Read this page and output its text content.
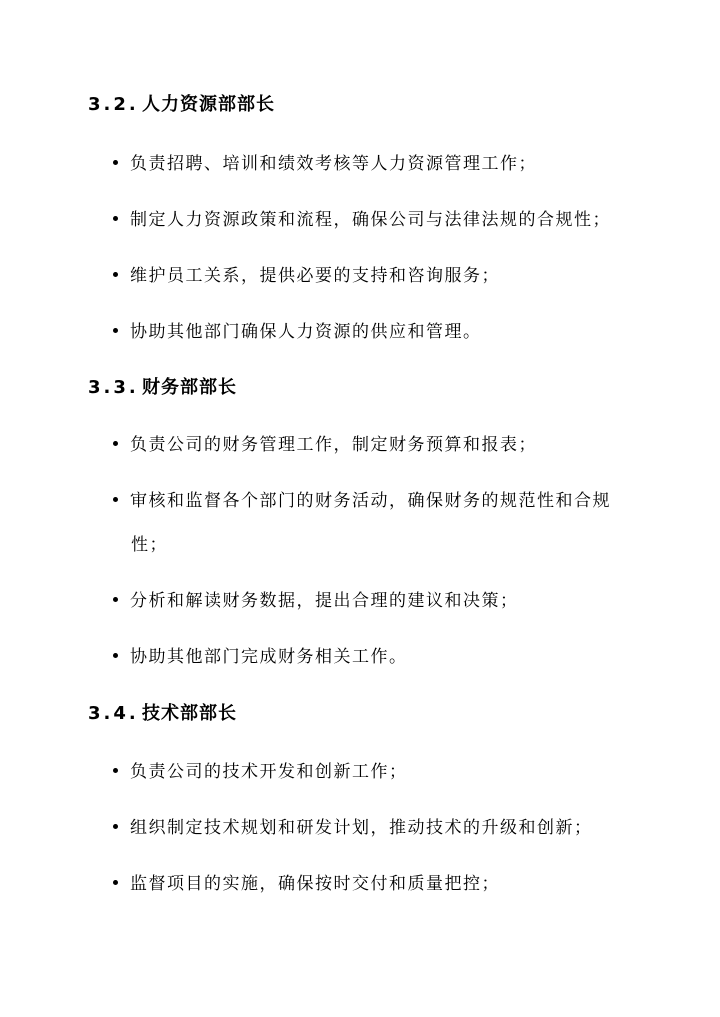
3.2. 人力资源部部长
负责招聘、培训和绩效考核等人力资源管理工作；
制定人力资源政策和流程，确保公司与法律法规的合规性；
维护员工关系，提供必要的支持和咨询服务；
协助其他部门确保人力资源的供应和管理。
3.3. 财务部部长
负责公司的财务管理工作，制定财务预算和报表；
审核和监督各个部门的财务活动，确保财务的规范性和合规
性；
分析和解读财务数据，提出合理的建议和决策；
协助其他部门完成财务相关工作。
3.4. 技术部部长
负责公司的技术开发和创新工作；
组织制定技术规划和研发计划，推动技术的升级和创新；
监督项目的实施，确保按时交付和质量把控；
